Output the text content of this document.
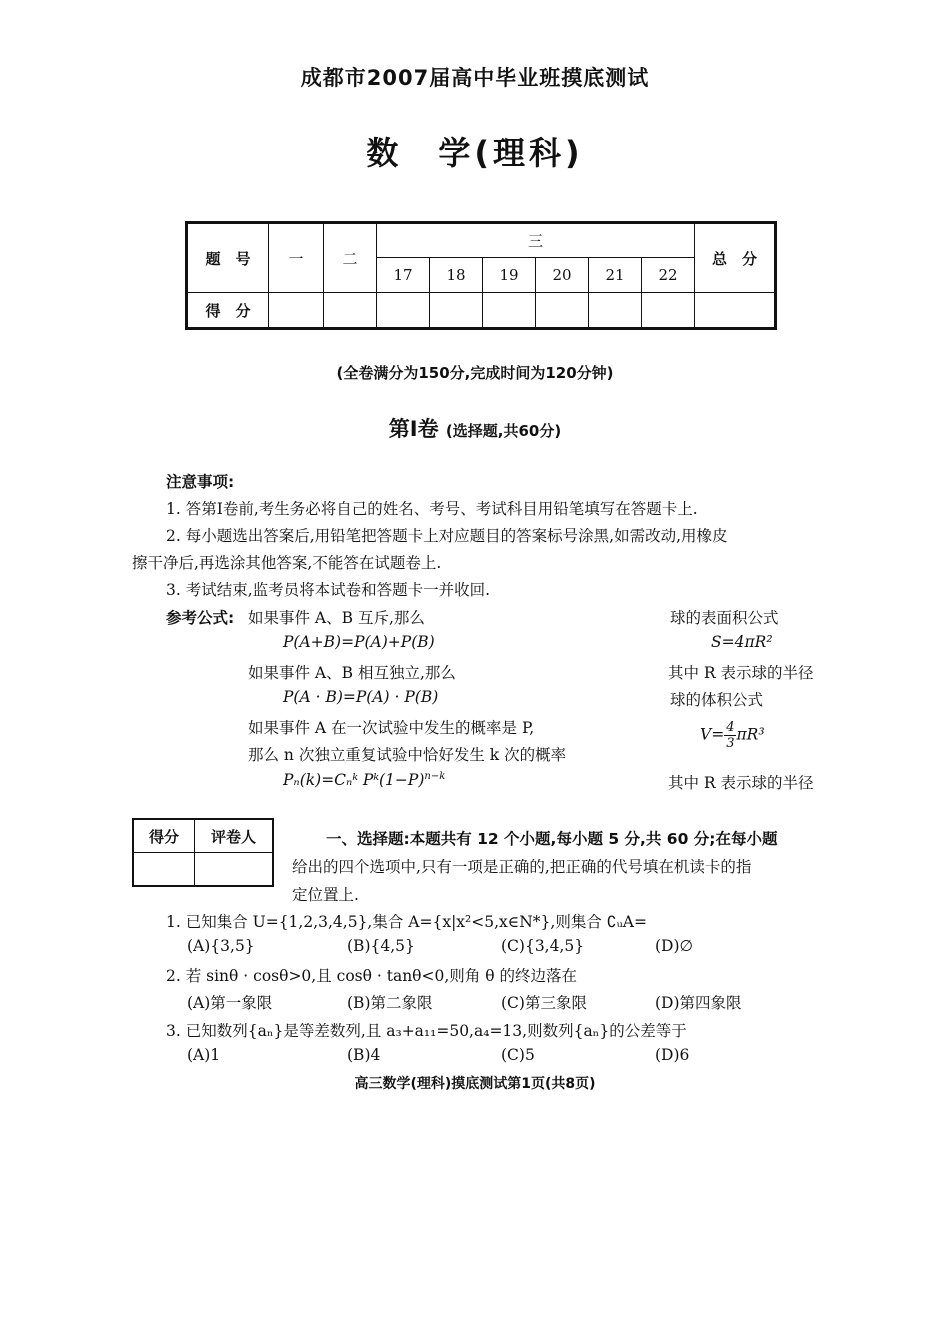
成都市2007届高中毕业班摸底测试
数　学(理科)
题　号	一	二	三						总　分
			17	18	19	20	21	22	
得　分									
(全卷满分为150分,完成时间为120分钟)
第Ⅰ卷 (选择题,共60分)
注意事项:
1. 答第Ⅰ卷前,考生务必将自己的姓名、考号、考试科目用铅笔填写在答题卡上.
2. 每小题选出答案后,用铅笔把答题卡上对应题目的答案标号涂黑,如需改动,用橡皮
擦干净后,再选涂其他答案,不能答在试题卷上.
3. 考试结束,监考员将本试卷和答题卡一并收回.
参考公式: 如果事件 A、B 互斥,那么
P(A+B)=P(A)+P(B)
如果事件 A、B 相互独立,那么
P(A · B)=P(A) · P(B)
如果事件 A 在一次试验中发生的概率是 P,
那么 n 次独立重复试验中恰好发生 k 次的概率
Pₙ(k)=Cₙᵏ $Pᵏ(1-P)^{n-k}$
球的表面积公式
S=4πR²
其中 R 表示球的半径
球的体积公式
$V= \frac{4}{3} \pi R^3$
其中 R 表示球的半径
得分	评卷人
		一、选择题:本题共有 12 个小题,每小题 5 分,共 60 分;在每小题
给出的四个选项中,只有一项是正确的,把正确的代号填在机读卡的指
定位置上.
1. 已知集合 U={1,2,3,4,5},集合 A={x|x²<5,x∈N*},则集合 ∁ᵤA=
(A){3,5}	(B){4,5}	(C){3,4,5}	(D)∅
2. 若 sinθ · cosθ>0,且 cosθ · tanθ<0,则角 θ 的终边落在
(A)第一象限	(B)第二象限	(C)第三象限	(D)第四象限
3. 已知数列{aₙ}是等差数列,且 a₃+a₁₁=50,a₄=13,则数列{aₙ}的公差等于
(A)1	(B)4	(C)5	(D)6
高三数学(理科)摸底测试第1页(共8页)
